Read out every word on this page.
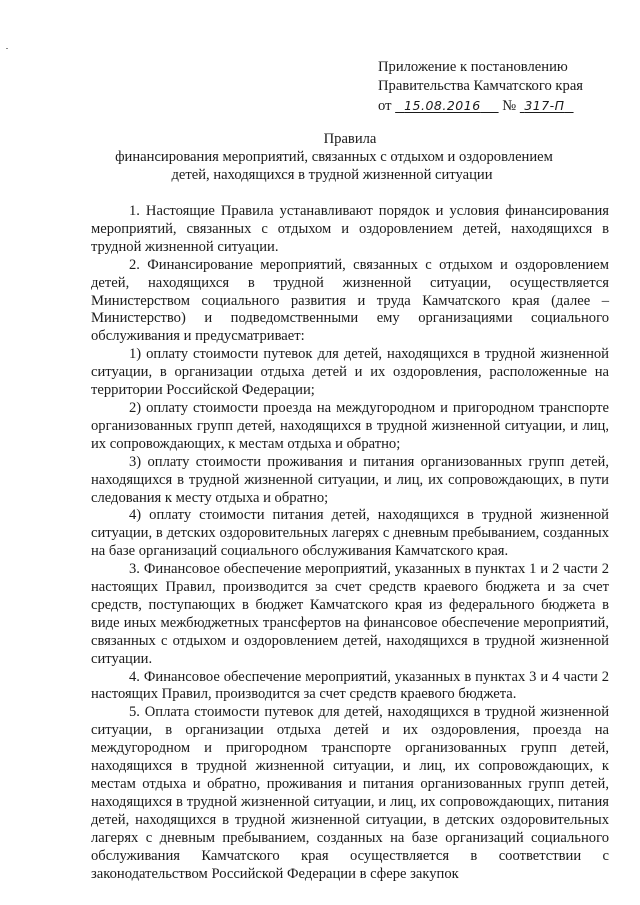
Приложение к постановлению
Правительства Камчатского края
от 15.08.2016 № 317-П
Правила
финансирования мероприятий, связанных с отдыхом и оздоровлением
детей, находящихся в трудной жизненной ситуации

1. Настоящие Правила устанавливают порядок и условия финансирования мероприятий, связанных с отдыхом и оздоровлением детей, находящихся в трудной жизненной ситуации.

2. Финансирование мероприятий, связанных с отдыхом и оздоровлением детей, находящихся в трудной жизненной ситуации, осуществляется Министерством социального развития и труда Камчатского края (далее – Министерство) и подведомственными ему организациями социального обслуживания и предусматривает:

1) оплату стоимости путевок для детей, находящихся в трудной жизненной ситуации, в организации отдыха детей и их оздоровления, расположенные на территории Российской Федерации;

2) оплату стоимости проезда на междугородном и пригородном транспорте организованных групп детей, находящихся в трудной жизненной ситуации, и лиц, их сопровождающих, к местам отдыха и обратно;

3) оплату стоимости проживания и питания организованных групп детей, находящихся в трудной жизненной ситуации, и лиц, их сопровождающих, в пути следования к месту отдыха и обратно;

4) оплату стоимости питания детей, находящихся в трудной жизненной ситуации, в детских оздоровительных лагерях с дневным пребыванием, созданных на базе организаций социального обслуживания Камчатского края.

3. Финансовое обеспечение мероприятий, указанных в пунктах 1 и 2 части 2 настоящих Правил, производится за счет средств краевого бюджета и за счет средств, поступающих в бюджет Камчатского края из федерального бюджета в виде иных межбюджетных трансфертов на финансовое обеспечение мероприятий, связанных с отдыхом и оздоровлением детей, находящихся в трудной жизненной ситуации.

4. Финансовое обеспечение мероприятий, указанных в пунктах 3 и 4 части 2 настоящих Правил, производится за счет средств краевого бюджета.

5. Оплата стоимости путевок для детей, находящихся в трудной жизненной ситуации, в организации отдыха детей и их оздоровления, проезда на междугородном и пригородном транспорте организованных групп детей, находящихся в трудной жизненной ситуации, и лиц, их сопровождающих, к местам отдыха и обратно, проживания и питания организованных групп детей, находящихся в трудной жизненной ситуации, и лиц, их сопровождающих, питания детей, находящихся в трудной жизненной ситуации, в детских оздоровительных лагерях с дневным пребыванием, созданных на базе организаций социального обслуживания Камчатского края осуществляется в соответствии с законодательством Российской Федерации в сфере закупок
